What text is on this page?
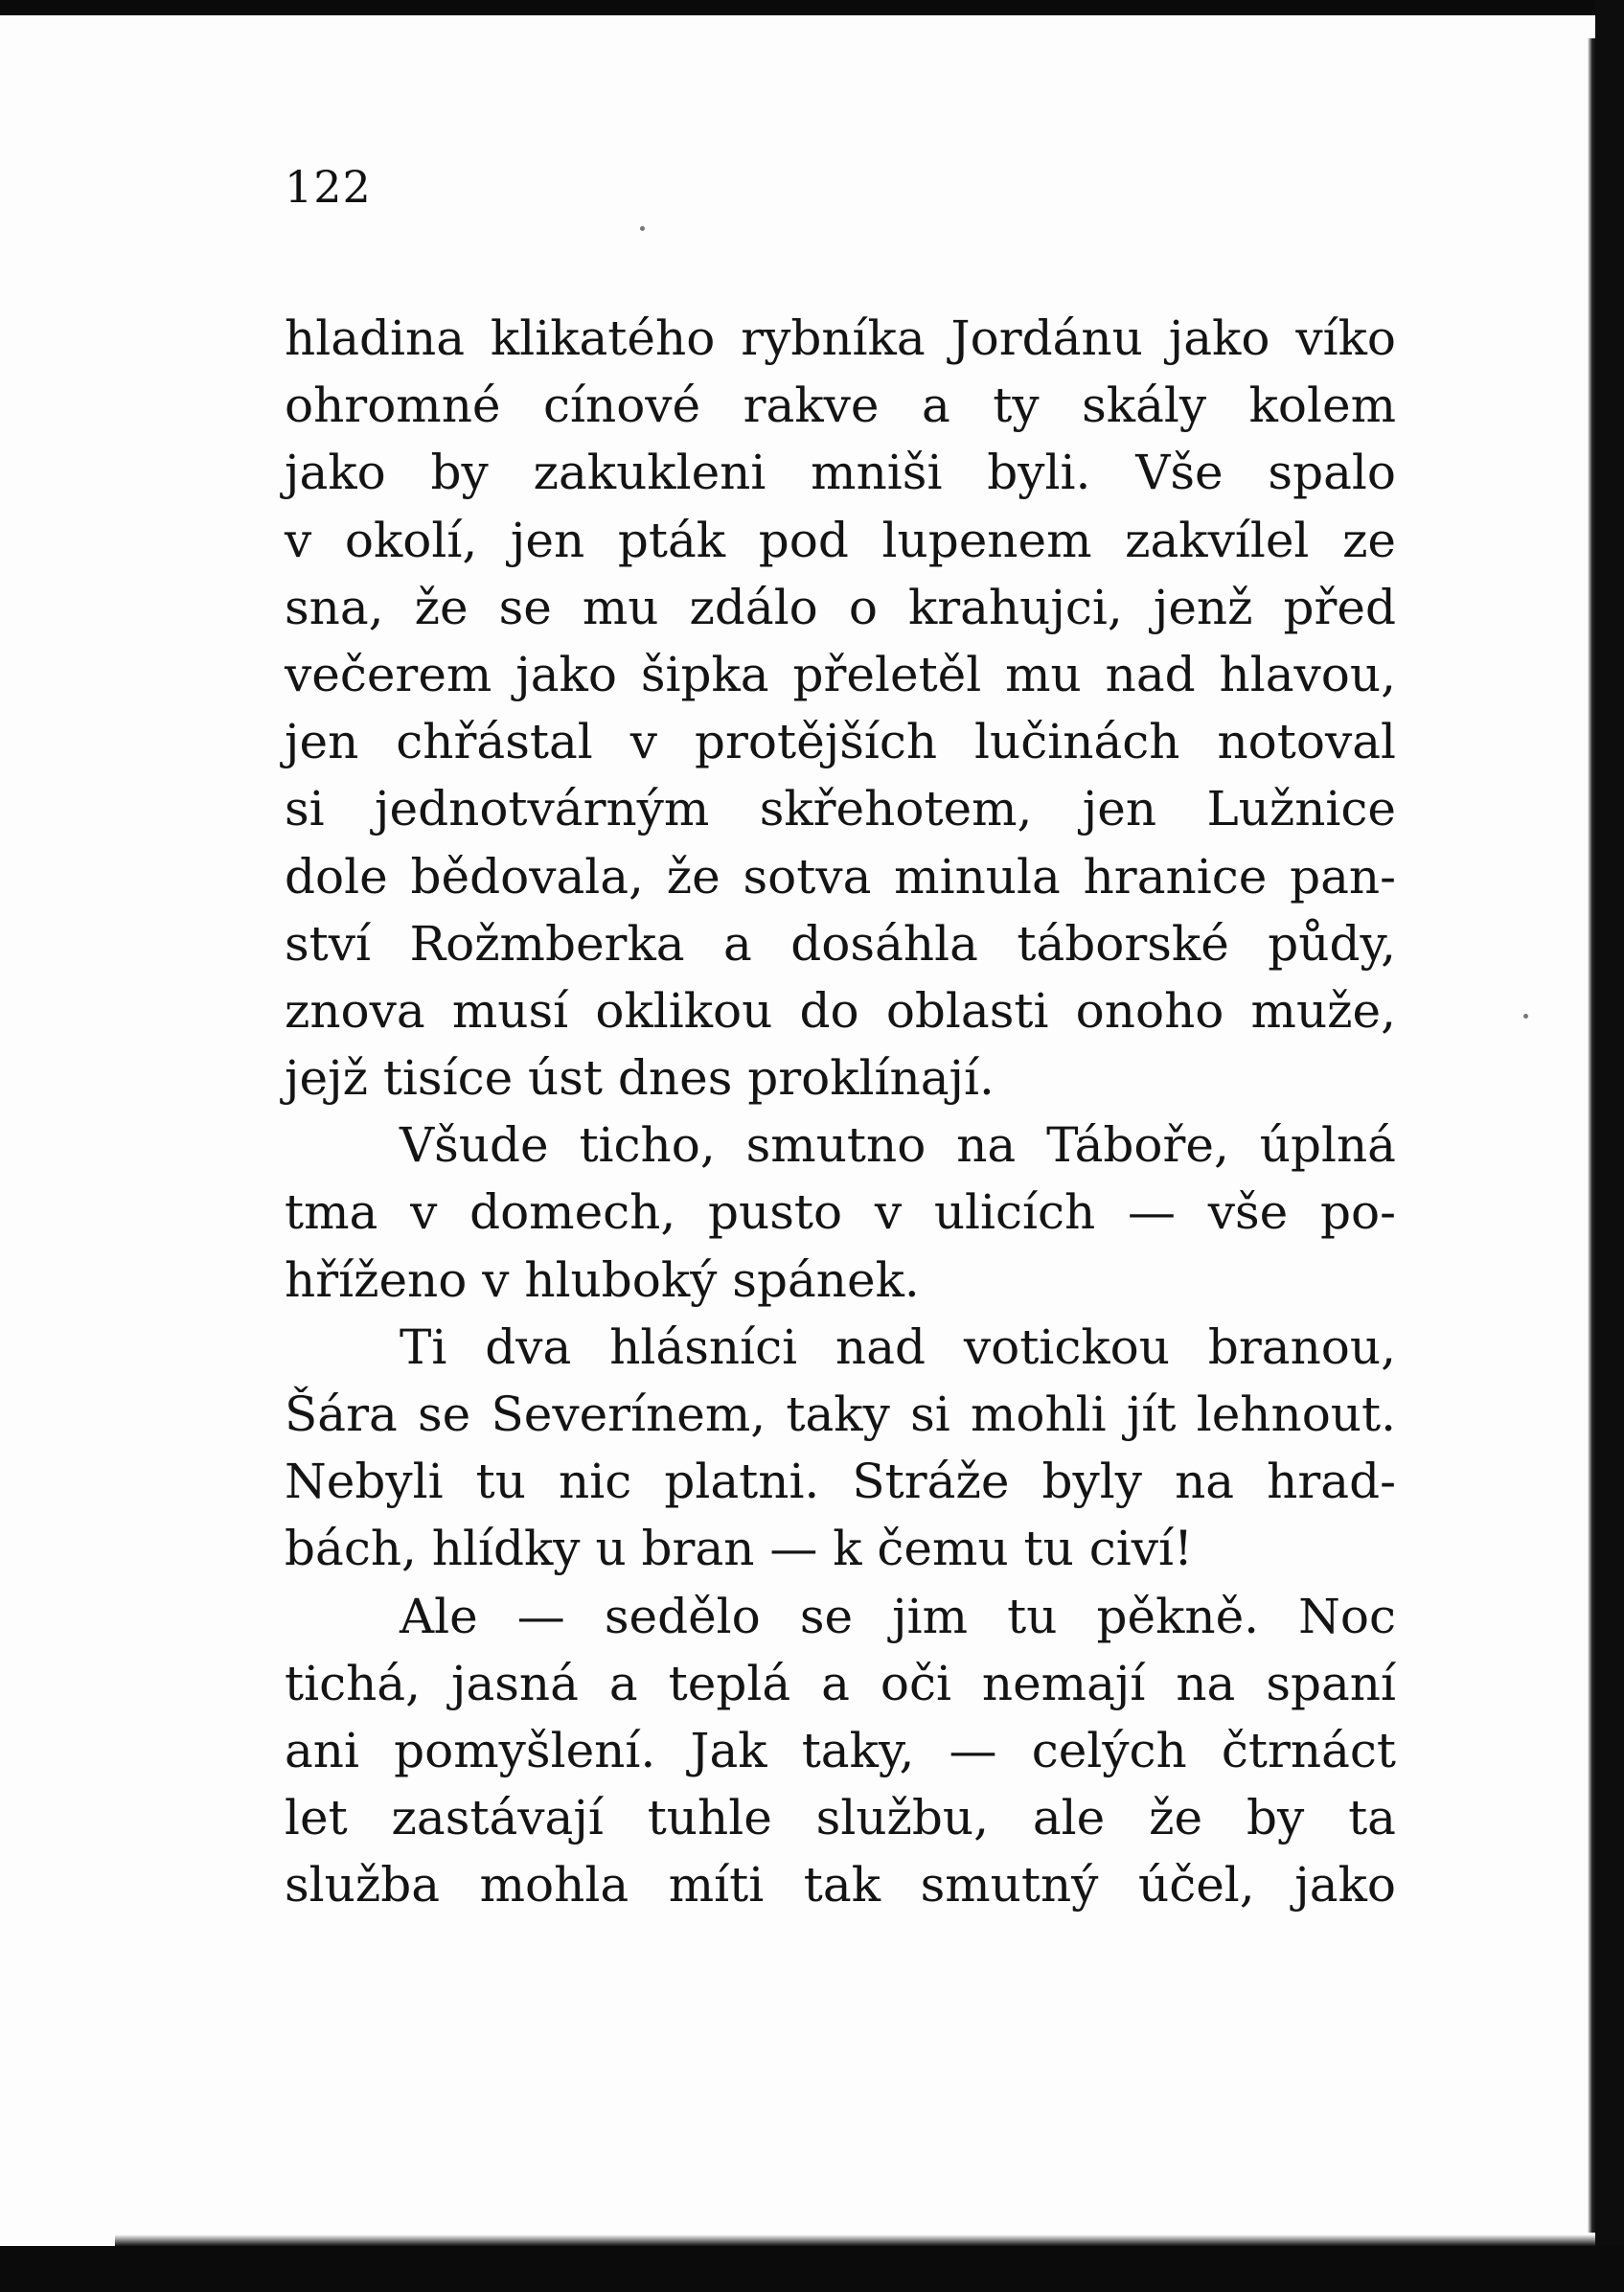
122
hladina klikatého rybníka Jordánu jako víko
ohromné cínové rakve a ty skály kolem
jako by zakukleni mniši byli. Vše spalo
v okolí, jen pták pod lupenem zakvílel ze
sna, že se mu zdálo o krahujci, jenž před
večerem jako šipka přeletěl mu nad hlavou,
jen chřástal v protějších lučinách notoval
si jednotvárným skřehotem, jen Lužnice
dole bědovala, že sotva minula hranice pan-
ství Rožmberka a dosáhla táborské půdy,
znova musí oklikou do oblasti onoho muže,
jejž tisíce úst dnes proklínají.
Všude ticho, smutno na Táboře, úplná
tma v domech, pusto v ulicích — vše po-
hříženo v hluboký spánek.
Ti dva hlásníci nad votickou branou,
Šára se Severínem, taky si mohli jít lehnout.
Nebyli tu nic platni. Stráže byly na hrad-
bách, hlídky u bran — k čemu tu civí!
Ale — sedělo se jim tu pěkně. Noc
tichá, jasná a teplá a oči nemají na spaní
ani pomyšlení. Jak taky, — celých čtrnáct
let zastávají tuhle službu, ale že by ta
služba mohla míti tak smutný účel, jako
